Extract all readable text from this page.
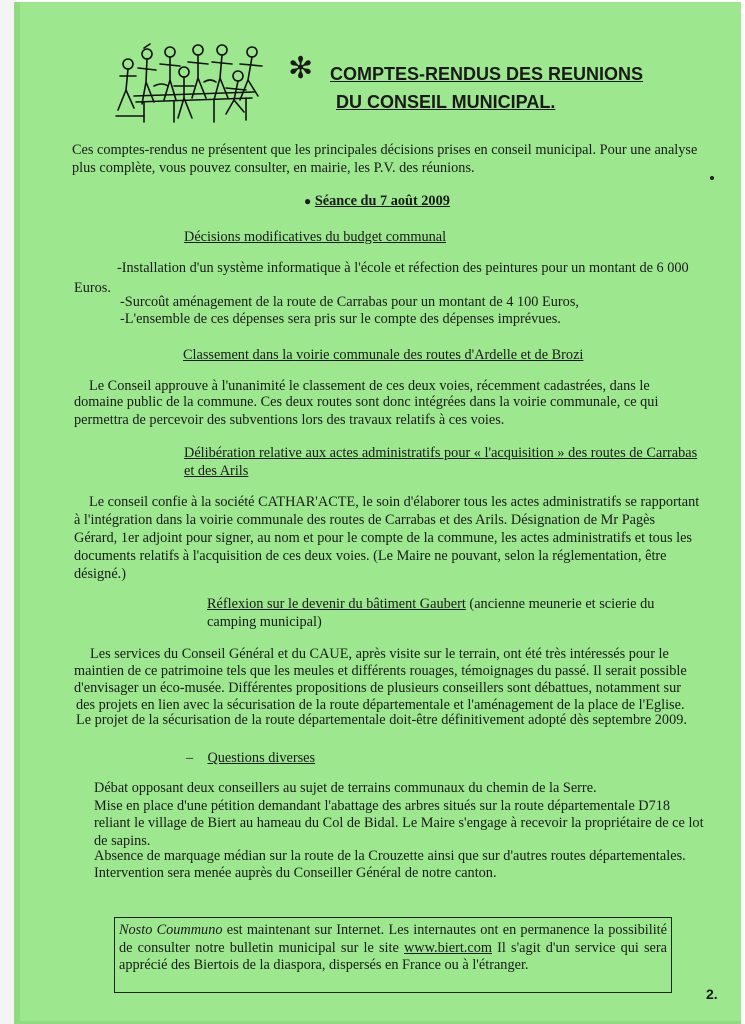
✻ COMPTES-RENDUS DES REUNIONS
DU CONSEIL MUNICIPAL.

Ces comptes-rendus ne présentent que les principales décisions prises en conseil municipal. Pour une analyse

plus complète, vous pouvez consulter, en mairie, les P.V. des réunions.

● Séance du 7 août 2009

Décisions modificatives du budget communal

-Installation d'un système informatique à l'école et réfection des peintures pour un montant de 6 000

Euros.

-Surcoût aménagement de la route de Carrabas pour un montant de 4 100 Euros,

-L'ensemble de ces dépenses sera pris sur le compte des dépenses imprévues.

Classement dans la voirie communale des routes d'Ardelle et de Brozi

Le Conseil approuve à l'unanimité le classement de ces deux voies, récemment cadastrées, dans le

domaine public de la commune. Ces deux routes sont donc intégrées dans la voirie communale, ce qui

permettra de percevoir des subventions lors des travaux relatifs à ces voies.

Délibération relative aux actes administratifs pour « l'acquisition » des routes de Carrabas

et des Arils

Le conseil confie à la société CATHAR'ACTE, le soin d'élaborer tous les actes administratifs se rapportant

à l'intégration dans la voirie communale des routes de Carrabas et des Arils. Désignation de Mr Pagès

Gérard, 1er adjoint pour signer, au nom et pour le compte de la commune, les actes administratifs et tous les

documents relatifs à l'acquisition de ces deux voies. (Le Maire ne pouvant, selon la réglementation, être

désigné.)

Réflexion sur le devenir du bâtiment Gaubert (ancienne meunerie et scierie du

camping municipal)

Les services du Conseil Général et du CAUE, après visite sur le terrain, ont été très intéressés pour le

maintien de ce patrimoine tels que les meules et différents rouages, témoignages du passé. Il serait possible

d'envisager un éco-musée. Différentes propositions de plusieurs conseillers sont débattues, notamment sur

des projets en lien avec la sécurisation de la route départementale et l'aménagement de la place de l'Eglise.

Le projet de la sécurisation de la route départementale doit-être définitivement adopté dès septembre 2009.

– Questions diverses

Débat opposant deux conseillers au sujet de terrains communaux du chemin de la Serre.

Mise en place d'une pétition demandant l'abattage des arbres situés sur la route départementale D718

reliant le village de Biert au hameau du Col de Bidal. Le Maire s'engage à recevoir la propriétaire de ce lot

de sapins.

Absence de marquage médian sur la route de la Crouzette ainsi que sur d'autres routes départementales.

Intervention sera menée auprès du Conseiller Général de notre canton.

Nosto Coummuno est maintenant sur Internet. Les internautes ont en permanence la possibilité de consulter notre bulletin municipal sur le site www.biert.com Il s'agit d'un service qui sera apprécié des Biertois de la diaspora, dispersés en France ou à l'étranger.

2.
